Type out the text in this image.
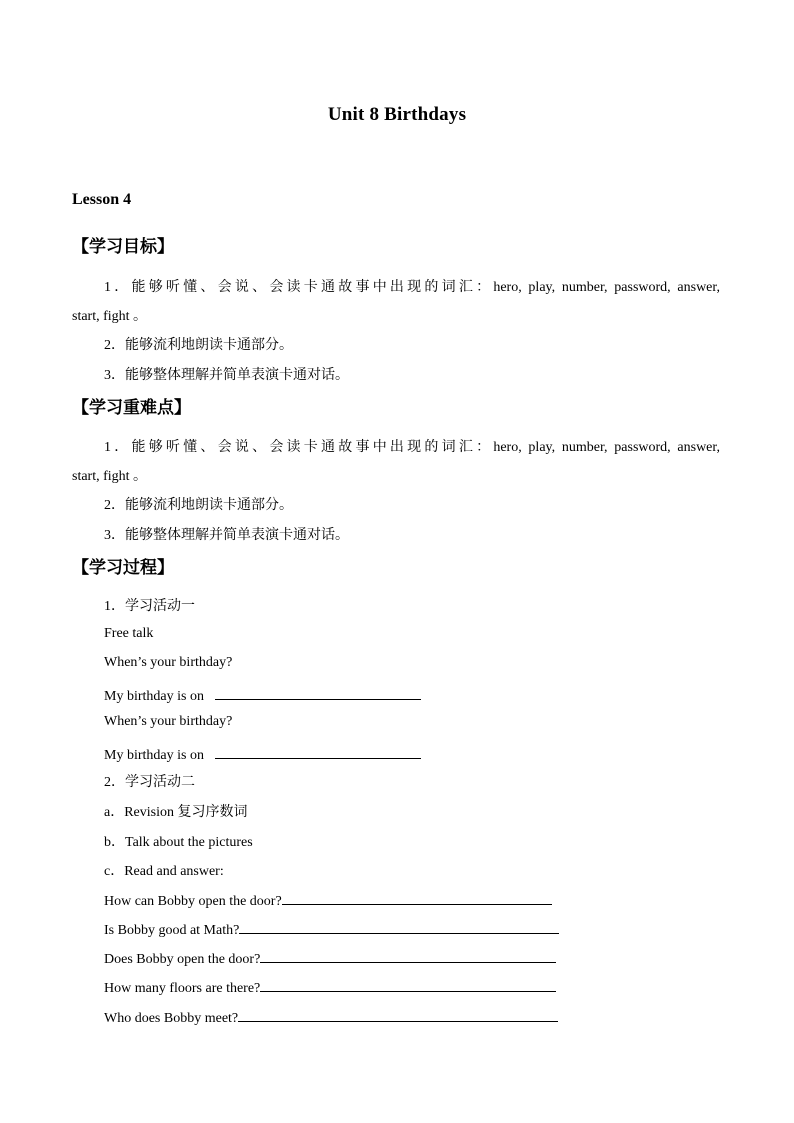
Unit 8 Birthdays
Lesson 4
【学习目标】
1．能够听懂、会说、会读卡通故事中出现的词汇：hero, play, number, password, answer,
start, fight 。
2．能够流利地朗读卡通部分。
3．能够整体理解并简单表演卡通对话。
【学习重难点】
1．能够听懂、会说、会读卡通故事中出现的词汇：hero, play, number, password, answer,
start, fight 。
2．能够流利地朗读卡通部分。
3．能够整体理解并简单表演卡通对话。
【学习过程】
1．学习活动一
Free talk
When’s your birthday?
My birthday is on
When’s your birthday?
My birthday is on
2．学习活动二
a．Revision 复习序数词
b．Talk about the pictures
c．Read and answer:
How can Bobby open the door?
Is Bobby good at Math?
Does Bobby open the door?
How many floors are there?
Who does Bobby meet?
